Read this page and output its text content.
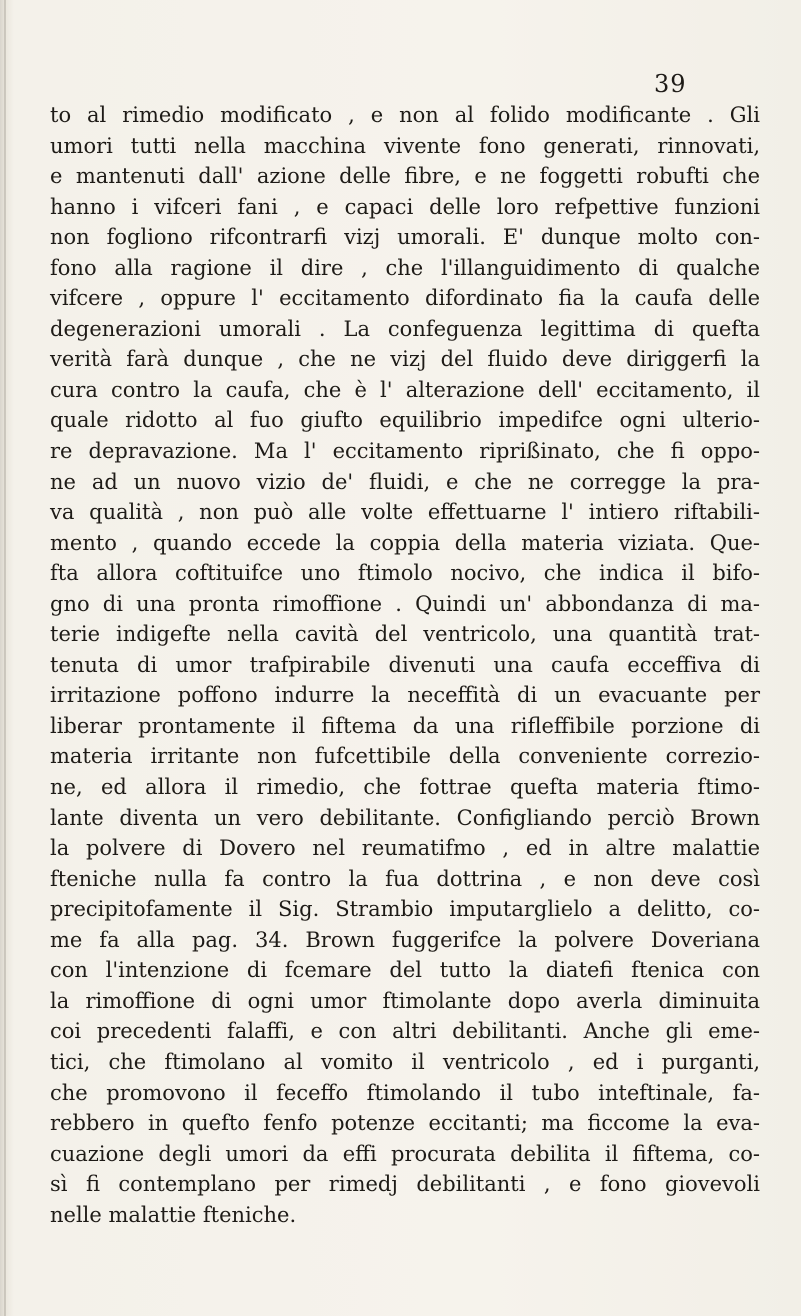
39
to al rimedio modificato , e non al folido modificante . Gli
umori tutti nella macchina vivente fono generati, rinnovati,
e mantenuti dall' azione delle fibre, e ne foggetti robufti che
hanno i vifceri fani , e capaci delle loro refpettive funzioni
non fogliono rifcontrarfi vizj umorali. E' dunque molto con-
fono alla ragione il dire , che l'illanguidimento di qualche
vifcere , oppure l' eccitamento difordinato fia la caufa delle
degenerazioni umorali . La confeguenza legittima di quefta
verità farà dunque , che ne vizj del fluido deve diriggerfi la
cura contro la caufa, che è l' alterazione dell' eccitamento, il
quale ridotto al fuo giufto equilibrio impedifce ogni ulterio-
re depravazione. Ma l' eccitamento riprißinato, che fi oppo-
ne ad un nuovo vizio de' fluidi, e che ne corregge la pra-
va qualità , non può alle volte effettuarne l' intiero riftabili-
mento , quando eccede la coppia della materia viziata. Que-
fta allora coftituifce uno ftimolo nocivo, che indica il bifo-
gno di una pronta rimoffione . Quindi un' abbondanza di ma-
terie indigefte nella cavità del ventricolo, una quantità trat-
tenuta di umor trafpirabile divenuti una caufa ecceffiva di
irritazione poffono indurre la neceffità di un evacuante per
liberar prontamente il fiftema da una rifleffibile porzione di
materia irritante non fufcettibile della conveniente correzio-
ne, ed allora il rimedio, che fottrae quefta materia ftimo-
lante diventa un vero debilitante. Configliando perciò Brown
la polvere di Dovero nel reumatifmo , ed in altre malattie
fteniche nulla fa contro la fua dottrina , e non deve così
precipitofamente il Sig. Strambio imputarglielo a delitto, co-
me fa alla pag. 34. Brown fuggerifce la polvere Doveriana
con l'intenzione di fcemare del tutto la diatefi ftenica con
la rimoffione di ogni umor ftimolante dopo averla diminuita
coi precedenti falaffi, e con altri debilitanti. Anche gli eme-
tici, che ftimolano al vomito il ventricolo , ed i purganti,
che promovono il feceffo ftimolando il tubo inteftinale, fa-
rebbero in quefto fenfo potenze eccitanti; ma ficcome la eva-
cuazione degli umori da effi procurata debilita il fiftema, co-
sì fi contemplano per rimedj debilitanti , e fono giovevoli
nelle malattie fteniche.
